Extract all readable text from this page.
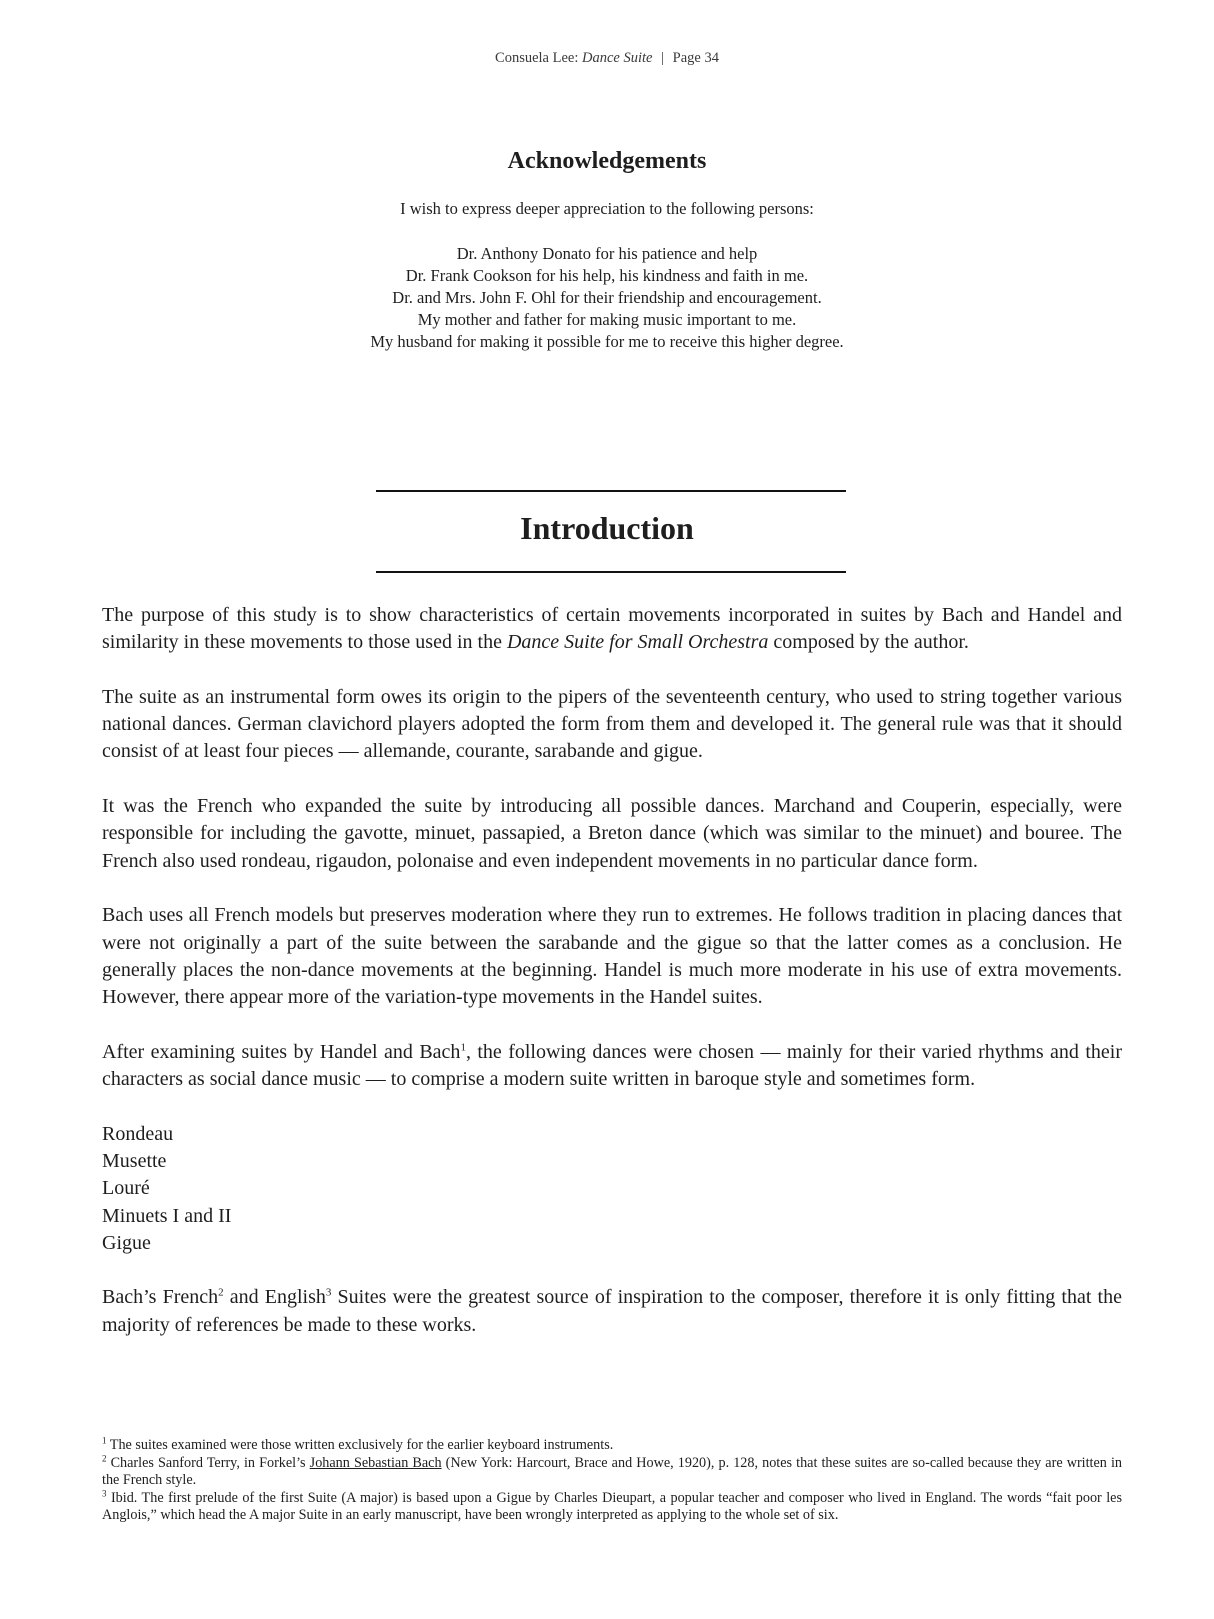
Consuela Lee: Dance Suite | Page 34
Acknowledgements

I wish to express deeper appreciation to the following persons:

Dr. Anthony Donato for his patience and help
Dr. Frank Cookson for his help, his kindness and faith in me.
Dr. and Mrs. John F. Ohl for their friendship and encouragement.
My mother and father for making music important to me.
My husband for making it possible for me to receive this higher degree.
Introduction

The purpose of this study is to show characteristics of certain movements incorporated in suites by Bach and Handel and similarity in these movements to those used in the Dance Suite for Small Orchestra composed by the author.

The suite as an instrumental form owes its origin to the pipers of the seventeenth century, who used to string together various national dances. German clavichord players adopted the form from them and developed it. The general rule was that it should consist of at least four pieces — allemande, courante, sarabande and gigue.

It was the French who expanded the suite by introducing all possible dances. Marchand and Couperin, especially, were responsible for including the gavotte, minuet, passapied, a Breton dance (which was similar to the minuet) and bouree. The French also used rondeau, rigaudon, polonaise and even independent movements in no particular dance form.

Bach uses all French models but preserves moderation where they run to extremes. He follows tradition in placing dances that were not originally a part of the suite between the sarabande and the gigue so that the latter comes as a conclusion. He generally places the non-dance movements at the beginning. Handel is much more moderate in his use of extra movements. However, there appear more of the variation-type movements in the Handel suites.

After examining suites by Handel and Bach$^1$, the following dances were chosen — mainly for their varied rhythms and their characters as social dance music — to comprise a modern suite written in baroque style and sometimes form.

Rondeau
Musette
Louré
Minuets I and II
Gigue

Bach’s French$^2$ and English$^3$ Suites were the greatest source of inspiration to the composer, therefore it is only fitting that the majority of references be made to these works.

$^1$ The suites examined were those written exclusively for the earlier keyboard instruments.
$^2$ Charles Sanford Terry, in Forkel’s Johann Sebastian Bach (New York: Harcourt, Brace and Howe, 1920), p. 128, notes that these suites are so-called because they are written in the French style.
$^3$ Ibid. The first prelude of the first Suite (A major) is based upon a Gigue by Charles Dieupart, a popular teacher and composer who lived in England. The words “fait poor les Anglois,” which head the A major Suite in an early manuscript, have been wrongly interpreted as applying to the whole set of six.
